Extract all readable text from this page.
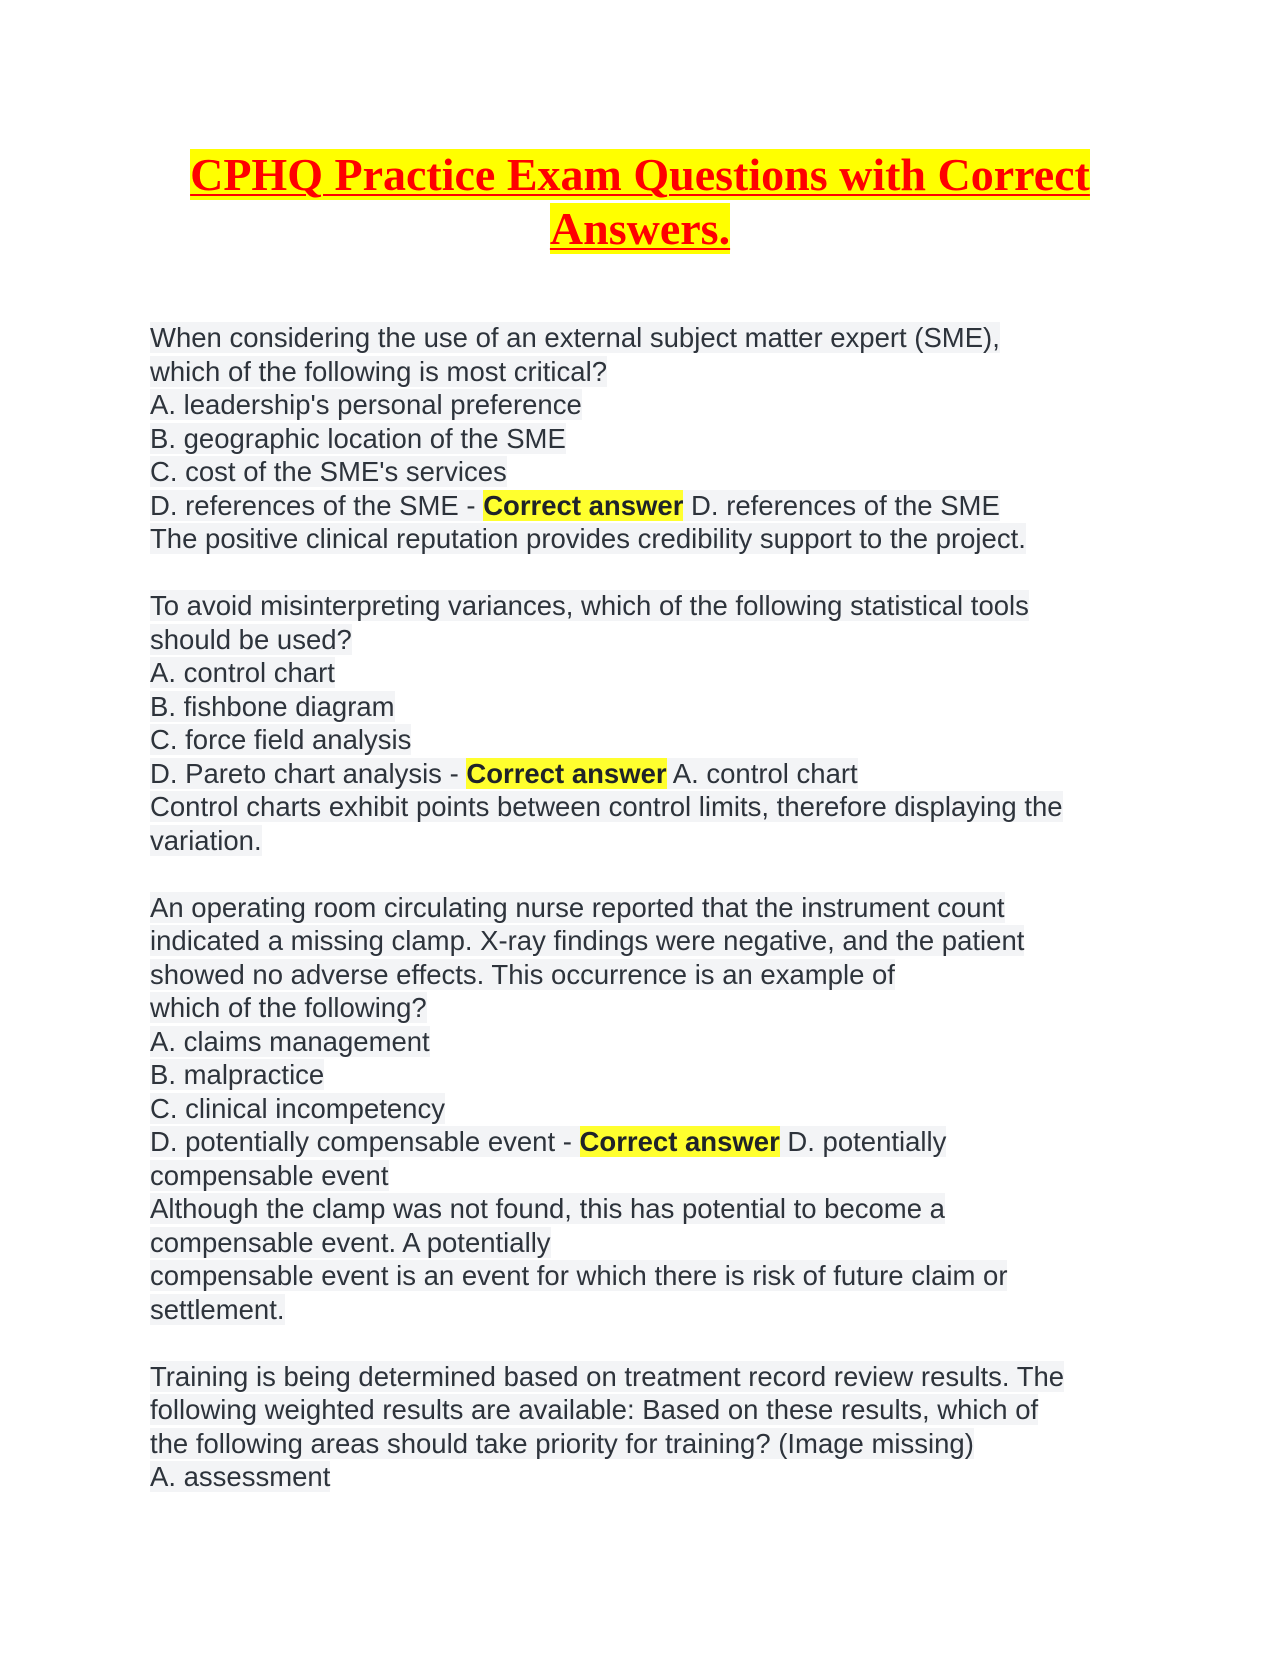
CPHQ Practice Exam Questions with Correct
Answers.
When considering the use of an external subject matter expert (SME),
which of the following is most critical?
A. leadership's personal preference
B. geographic location of the SME
C. cost of the SME's services
D. references of the SME - Correct answer D. references of the SME
The positive clinical reputation provides credibility support to the project.
To avoid misinterpreting variances, which of the following statistical tools
should be used?
A. control chart
B. fishbone diagram
C. force field analysis
D. Pareto chart analysis - Correct answer A. control chart
Control charts exhibit points between control limits, therefore displaying the
variation.
An operating room circulating nurse reported that the instrument count
indicated a missing clamp. X-ray findings were negative, and the patient
showed no adverse effects. This occurrence is an example of
which of the following?
A. claims management
B. malpractice
C. clinical incompetency
D. potentially compensable event - Correct answer D. potentially
compensable event
Although the clamp was not found, this has potential to become a
compensable event. A potentially
compensable event is an event for which there is risk of future claim or
settlement.
Training is being determined based on treatment record review results. The
following weighted results are available: Based on these results, which of
the following areas should take priority for training? (Image missing)
A. assessment
